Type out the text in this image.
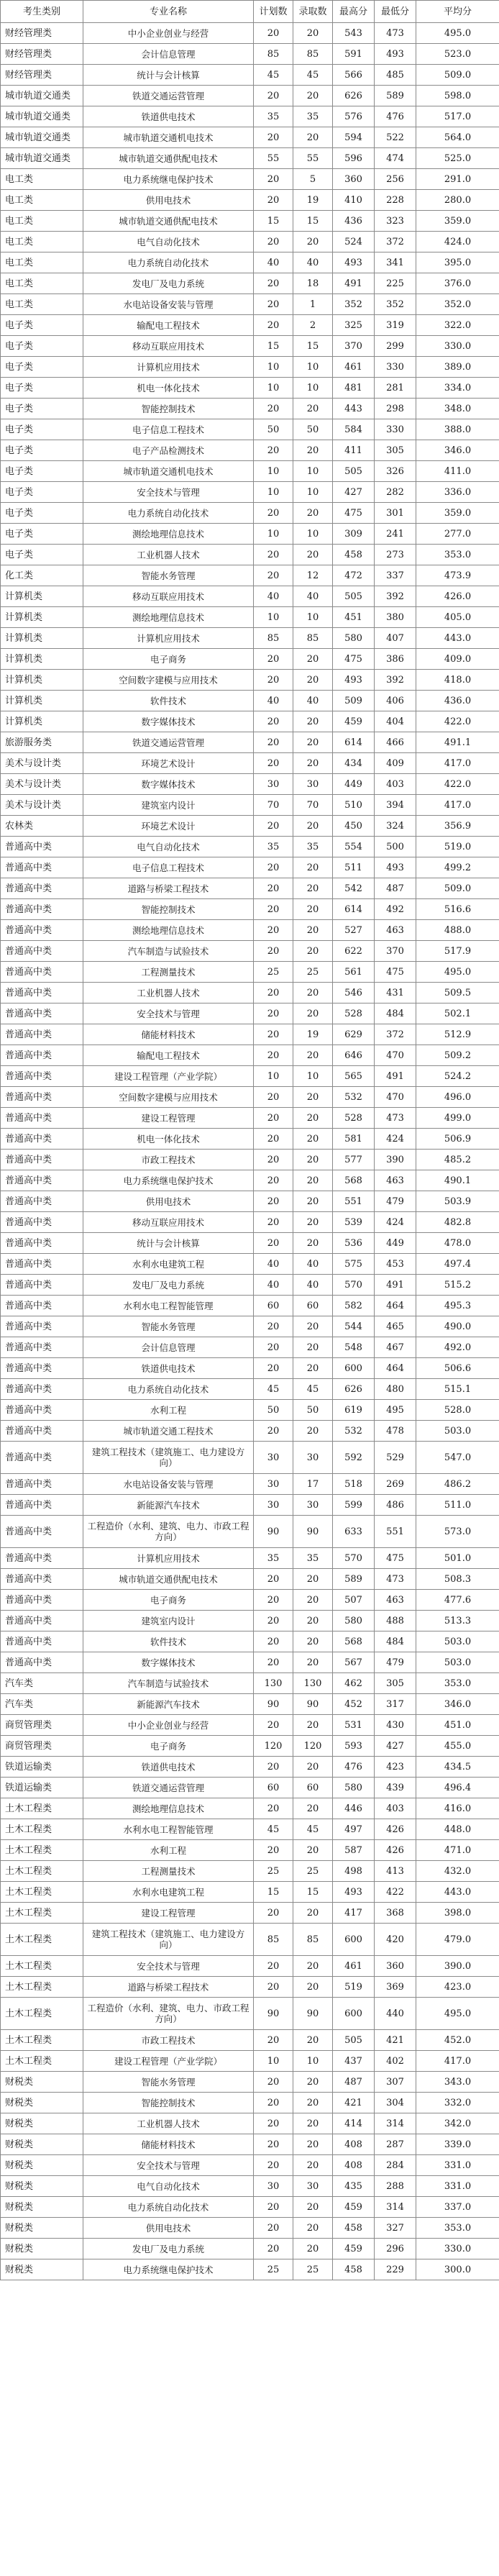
考生类别	专业名称	计划数	录取数	最高分	最低分	平均分
财经管理类	中小企业创业与经营	20	20	543	473	495.0
财经管理类	会计信息管理	85	85	591	493	523.0
财经管理类	统计与会计核算	45	45	566	485	509.0
城市轨道交通类	铁道交通运营管理	20	20	626	589	598.0
城市轨道交通类	铁道供电技术	35	35	576	476	517.0
城市轨道交通类	城市轨道交通机电技术	20	20	594	522	564.0
城市轨道交通类	城市轨道交通供配电技术	55	55	596	474	525.0
电工类	电力系统继电保护技术	20	5	360	256	291.0
电工类	供用电技术	20	19	410	228	280.0
电工类	城市轨道交通供配电技术	15	15	436	323	359.0
电工类	电气自动化技术	20	20	524	372	424.0
电工类	电力系统自动化技术	40	40	493	341	395.0
电工类	发电厂及电力系统	20	18	491	225	376.0
电工类	水电站设备安装与管理	20	1	352	352	352.0
电子类	输配电工程技术	20	2	325	319	322.0
电子类	移动互联应用技术	15	15	370	299	330.0
电子类	计算机应用技术	10	10	461	330	389.0
电子类	机电一体化技术	10	10	481	281	334.0
电子类	智能控制技术	20	20	443	298	348.0
电子类	电子信息工程技术	50	50	584	330	388.0
电子类	电子产品检测技术	20	20	411	305	346.0
电子类	城市轨道交通机电技术	10	10	505	326	411.0
电子类	安全技术与管理	10	10	427	282	336.0
电子类	电力系统自动化技术	20	20	475	301	359.0
电子类	测绘地理信息技术	10	10	309	241	277.0
电子类	工业机器人技术	20	20	458	273	353.0
化工类	智能水务管理	20	12	472	337	473.9
计算机类	移动互联应用技术	40	40	505	392	426.0
计算机类	测绘地理信息技术	10	10	451	380	405.0
计算机类	计算机应用技术	85	85	580	407	443.0
计算机类	电子商务	20	20	475	386	409.0
计算机类	空间数字建模与应用技术	20	20	493	392	418.0
计算机类	软件技术	40	40	509	406	436.0
计算机类	数字媒体技术	20	20	459	404	422.0
旅游服务类	铁道交通运营管理	20	20	614	466	491.1
美术与设计类	环境艺术设计	20	20	434	409	417.0
美术与设计类	数字媒体技术	30	30	449	403	422.0
美术与设计类	建筑室内设计	70	70	510	394	417.0
农林类	环境艺术设计	20	20	450	324	356.9
普通高中类	电气自动化技术	35	35	554	500	519.0
普通高中类	电子信息工程技术	20	20	511	493	499.2
普通高中类	道路与桥梁工程技术	20	20	542	487	509.0
普通高中类	智能控制技术	20	20	614	492	516.6
普通高中类	测绘地理信息技术	20	20	527	463	488.0
普通高中类	汽车制造与试验技术	20	20	622	370	517.9
普通高中类	工程测量技术	25	25	561	475	495.0
普通高中类	工业机器人技术	20	20	546	431	509.5
普通高中类	安全技术与管理	20	20	528	484	502.1
普通高中类	储能材料技术	20	19	629	372	512.9
普通高中类	输配电工程技术	20	20	646	470	509.2
普通高中类	建设工程管理（产业学院）	10	10	565	491	524.2
普通高中类	空间数字建模与应用技术	20	20	532	470	496.0
普通高中类	建设工程管理	20	20	528	473	499.0
普通高中类	机电一体化技术	20	20	581	424	506.9
普通高中类	市政工程技术	20	20	577	390	485.2
普通高中类	电力系统继电保护技术	20	20	568	463	490.1
普通高中类	供用电技术	20	20	551	479	503.9
普通高中类	移动互联应用技术	20	20	539	424	482.8
普通高中类	统计与会计核算	20	20	536	449	478.0
普通高中类	水利水电建筑工程	40	40	575	453	497.4
普通高中类	发电厂及电力系统	40	40	570	491	515.2
普通高中类	水利水电工程智能管理	60	60	582	464	495.3
普通高中类	智能水务管理	20	20	544	465	490.0
普通高中类	会计信息管理	20	20	548	467	492.0
普通高中类	铁道供电技术	20	20	600	464	506.6
普通高中类	电力系统自动化技术	45	45	626	480	515.1
普通高中类	水利工程	50	50	619	495	528.0
普通高中类	城市轨道交通工程技术	20	20	532	478	503.0
普通高中类	建筑工程技术（建筑施工、电力建设方向）	30	30	592	529	547.0
普通高中类	水电站设备安装与管理	30	17	518	269	486.2
普通高中类	新能源汽车技术	30	30	599	486	511.0
普通高中类	工程造价（水利、建筑、电力、市政工程方向）	90	90	633	551	573.0
普通高中类	计算机应用技术	35	35	570	475	501.0
普通高中类	城市轨道交通供配电技术	20	20	589	473	508.3
普通高中类	电子商务	20	20	507	463	477.6
普通高中类	建筑室内设计	20	20	580	488	513.3
普通高中类	软件技术	20	20	568	484	503.0
普通高中类	数字媒体技术	20	20	567	479	503.0
汽车类	汽车制造与试验技术	130	130	462	305	353.0
汽车类	新能源汽车技术	90	90	452	317	346.0
商贸管理类	中小企业创业与经营	20	20	531	430	451.0
商贸管理类	电子商务	120	120	593	427	455.0
铁道运输类	铁道供电技术	20	20	476	423	434.5
铁道运输类	铁道交通运营管理	60	60	580	439	496.4
土木工程类	测绘地理信息技术	20	20	446	403	416.0
土木工程类	水利水电工程智能管理	45	45	497	426	448.0
土木工程类	水利工程	20	20	587	426	471.0
土木工程类	工程测量技术	25	25	498	413	432.0
土木工程类	水利水电建筑工程	15	15	493	422	443.0
土木工程类	建设工程管理	20	20	417	368	398.0
土木工程类	建筑工程技术（建筑施工、电力建设方向）	85	85	600	420	479.0
土木工程类	安全技术与管理	20	20	461	360	390.0
土木工程类	道路与桥梁工程技术	20	20	519	369	423.0
土木工程类	工程造价（水利、建筑、电力、市政工程方向）	90	90	600	440	495.0
土木工程类	市政工程技术	20	20	505	421	452.0
土木工程类	建设工程管理（产业学院）	10	10	437	402	417.0
财税类	智能水务管理	20	20	487	307	343.0
财税类	智能控制技术	20	20	421	304	332.0
财税类	工业机器人技术	20	20	414	314	342.0
财税类	储能材料技术	20	20	408	287	339.0
财税类	安全技术与管理	20	20	408	284	331.0
财税类	电气自动化技术	30	30	435	288	331.0
财税类	电力系统自动化技术	20	20	459	314	337.0
财税类	供用电技术	20	20	458	327	353.0
财税类	发电厂及电力系统	20	20	459	296	330.0
财税类	电力系统继电保护技术	25	25	458	229	300.0
